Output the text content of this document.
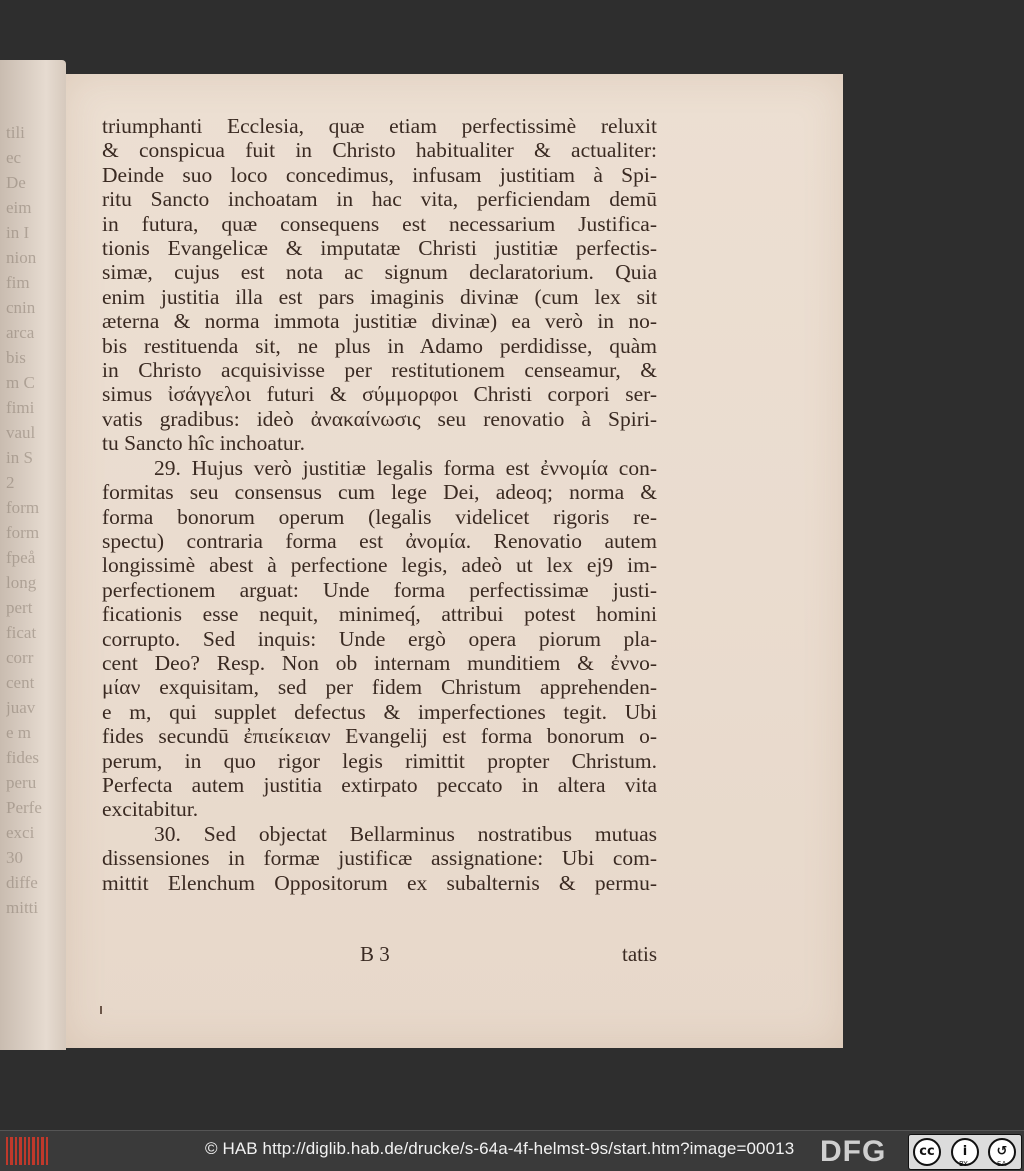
tili
ec
De
eim
in I
nion
fim
cnin
arca
bis
m C
fimi
vaul
in S
2
form
form
fpeå
long
pert
ficat
corr
cent
juav
e m
fides
peru
Perfe
exci
30
diffe
mitti
triumphanti Ecclesia, quæ etiam perfectissimè reluxit
& conspicua fuit in Christo habitualiter & actualiter:
Deinde suo loco concedimus, infusam justitiam à Spi-
ritu Sancto inchoatam in hac vita, perficiendam demū
in futura, quæ consequens est necessarium Justifica-
tionis Evangelicæ & imputatæ Christi justitiæ perfectis-
simæ, cujus est nota ac signum declaratorium. Quia
enim justitia illa est pars imaginis divinæ (cum lex sit
æterna & norma immota justitiæ divinæ) ea verò in no-
bis restituenda sit, ne plus in Adamo perdidisse, quàm
in Christo acquisivisse per restitutionem censeamur, &
simus ἰσάγγελοι futuri & σύμμορφοι Christi corpori ser-
vatis gradibus: ideò ἀνακαίνωσις seu renovatio à Spiri-
tu Sancto hîc inchoatur.
29. Hujus verò justitiæ legalis forma est ἐννομία con-
formitas seu consensus cum lege Dei, adeoq; norma &
forma bonorum operum (legalis videlicet rigoris re-
spectu) contraria forma est ἀνομία. Renovatio autem
longissimè abest à perfectione legis, adeò ut lex ej9 im-
perfectionem arguat: Unde forma perfectissimæ justi-
ficationis esse nequit, minimeq́, attribui potest homini
corrupto. Sed inquis: Unde ergò opera piorum pla-
cent Deo? Resp. Non ob internam munditiem & ἐννο-
μίαν exquisitam, sed per fidem Christum apprehenden-
e m, qui supplet defectus & imperfectiones tegit. Ubi
fides secundū ἐπιείκειαν Evangelij est forma bonorum o-
perum, in quo rigor legis rimittit propter Christum.
Perfecta autem justitia extirpato peccato in altera vita
excitabitur.
30. Sed objectat Bellarminus nostratibus mutuas
dissensiones in formæ justificæ assignatione: Ubi com-
mittit Elenchum Oppositorum ex subalternis & permu-
B 3	tatis
© HAB http://diglib.hab.de/drucke/s-64a-4f-helmst-9s/start.htm?image=00013 DFG	cc	i	↺
BY	SA
